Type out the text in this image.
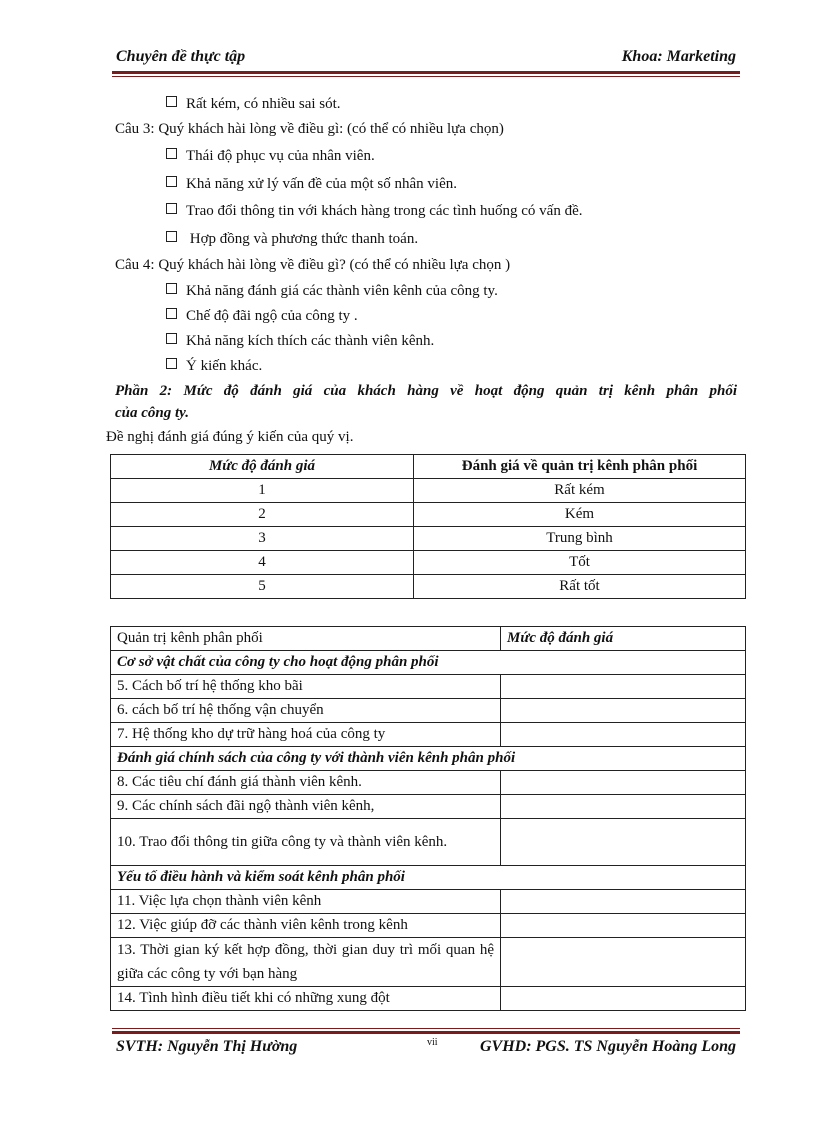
Chuyên đề thực tập	Khoa: Marketing
Rất kém, có nhiều sai sót.
Câu 3: Quý khách hài lòng về điều gì: (có thể có nhiều lựa chọn)
Thái độ phục vụ của nhân viên.
Khả năng xử lý vấn đề của một số nhân viên.
Trao đổi thông tin với khách hàng trong các tình huống có vấn đề.
Hợp đồng và phương thức thanh toán.
Câu 4: Quý khách hài lòng về điều gì? (có thể có nhiều lựa chọn )
Khả năng đánh giá các thành viên kênh của công ty.
Chế độ đãi ngộ của công ty .
Khả năng kích thích các thành viên kênh.
Ý kiến khác.
Phần 2: Mức độ đánh giá của khách hàng về hoạt động quản trị kênh phân phối
của công ty.
Đề nghị đánh giá đúng ý kiến của quý vị.
Mức độ đánh giá	Đánh giá về quản trị kênh phân phối
1	Rất kém
2	Kém
3	Trung bình
4	Tốt
5	Rất tốt
Quản trị kênh phân phối	Mức độ đánh giá
Cơ sở vật chất của công ty cho hoạt động phân phối	
5. Cách bố trí hệ thống kho bãi	
6. cách bố trí hệ thống vận chuyển	
7. Hệ thống kho dự trữ hàng hoá của công ty	
Đánh giá chính sách của công ty với thành viên kênh phân phối	
8. Các tiêu chí đánh giá thành viên kênh.	
9. Các chính sách đãi ngộ thành viên kênh,	
10. Trao đổi thông tin giữa công ty và thành viên kênh.	
Yếu tố điều hành và kiểm soát kênh phân phối	
11. Việc lựa chọn thành viên kênh	
12. Việc giúp đỡ các thành viên kênh trong kênh	
13. Thời gian ký kết hợp đồng, thời gian duy trì mối quan hệ giữa các công ty với bạn hàng	
14. Tình hình điều tiết khi có những xung đột	
SVTH: Nguyễn Thị Hường	GVHD: PGS. TS Nguyễn Hoàng Long
vii
